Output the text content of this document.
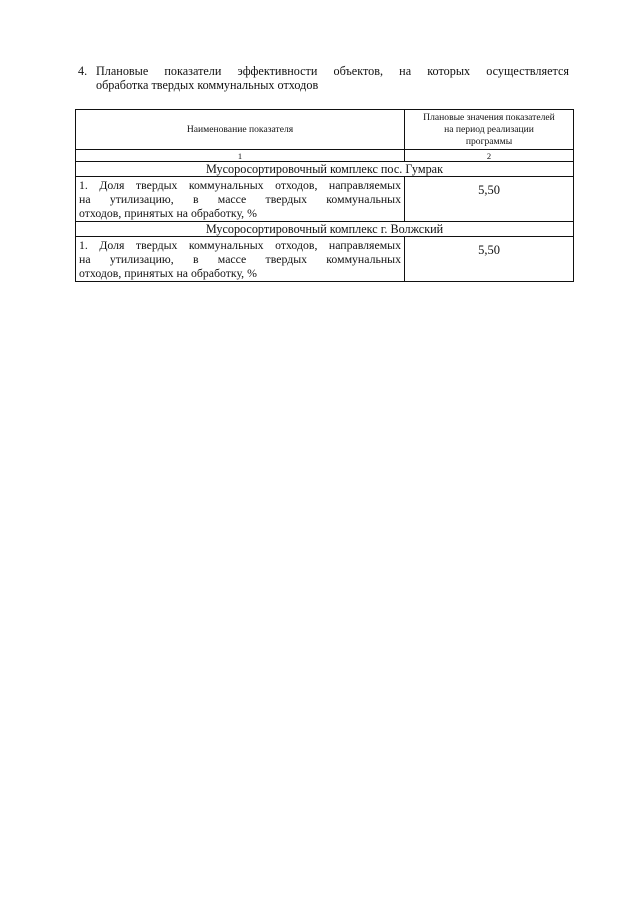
4. Плановые показатели эффективности объектов, на которых осуществляется
обработка твердых коммунальных отходов
Наименование показателя	Плановые значения показателей
на период реализации
программы

1	2
Мусоросортировочный комплекс пос. Гумрак	

1. Доля твердых коммунальных отходов, направляемых
на утилизацию, в массе твердых коммунальных
отходов, принятых на обработку, %	5,50
Мусоросортировочный комплекс г. Волжский	

1. Доля твердых коммунальных отходов, направляемых
на утилизацию, в массе твердых коммунальных
отходов, принятых на обработку, %	5,50
